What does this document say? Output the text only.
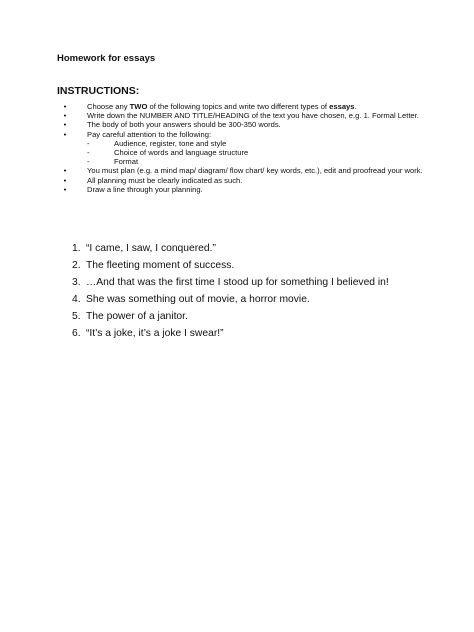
Homework for essays

INSTRUCTIONS:

•	Choose any TWO of the following topics and write two different types of essays.
•	Write down the NUMBER AND TITLE/HEADING of the text you have chosen, e.g. 1. Formal Letter.
•	The body of both your answers should be 300-350 words.
•	Pay careful attention to the following:
-	Audience, register, tone and style
-	Choice of words and language structure
-	Format
•	You must plan (e.g. a mind map/ diagram/ flow chart/ key words, etc.), edit and proofread your work.
•	All planning must be clearly indicated as such.
•	Draw a line through your planning.
1. “I came, I saw, I conquered.”
2. The fleeting moment of success.
3. …And that was the first time I stood up for something I believed in!
4. She was something out of movie, a horror movie.
5. The power of a janitor.
6. “It’s a joke, it’s a joke I swear!”
